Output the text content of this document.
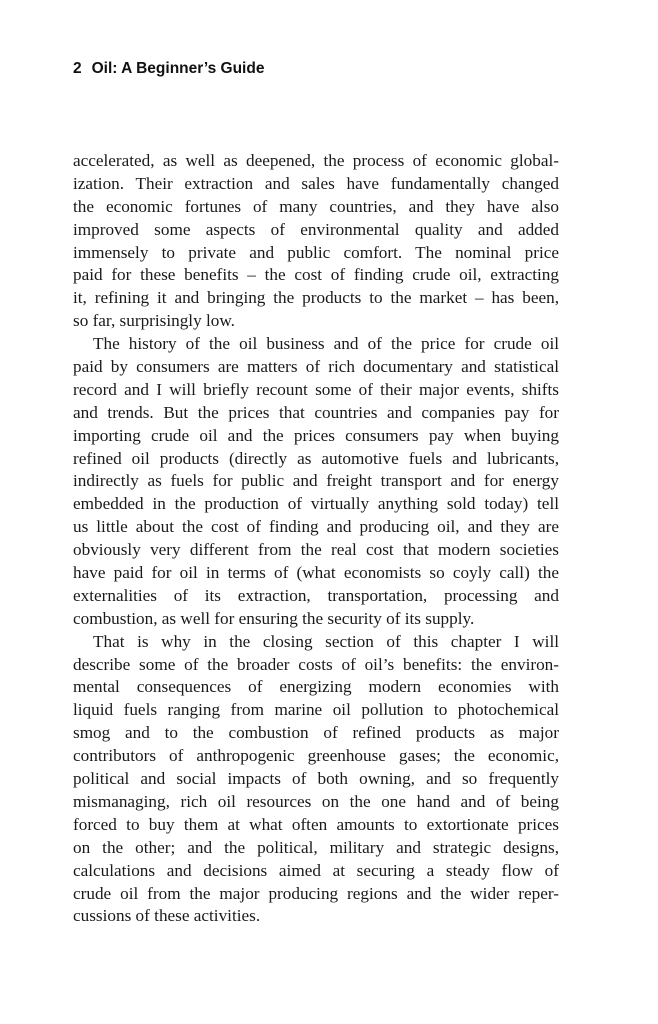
2 Oil: A Beginner’s Guide
accelerated, as well as deepened, the process of economic global-
ization. Their extraction and sales have fundamentally changed
the economic fortunes of many countries, and they have also
improved some aspects of environmental quality and added
immensely to private and public comfort. The nominal price
paid for these benefits – the cost of finding crude oil, extracting
it, refining it and bringing the products to the market – has been,
so far, surprisingly low.
The history of the oil business and of the price for crude oil
paid by consumers are matters of rich documentary and statistical
record and I will briefly recount some of their major events, shifts
and trends. But the prices that countries and companies pay for
importing crude oil and the prices consumers pay when buying
refined oil products (directly as automotive fuels and lubricants,
indirectly as fuels for public and freight transport and for energy
embedded in the production of virtually anything sold today) tell
us little about the cost of finding and producing oil, and they are
obviously very different from the real cost that modern societies
have paid for oil in terms of (what economists so coyly call) the
externalities of its extraction, transportation, processing and
combustion, as well for ensuring the security of its supply.
That is why in the closing section of this chapter I will
describe some of the broader costs of oil’s benefits: the environ-
mental consequences of energizing modern economies with
liquid fuels ranging from marine oil pollution to photochemical
smog and to the combustion of refined products as major
contributors of anthropogenic greenhouse gases; the economic,
political and social impacts of both owning, and so frequently
mismanaging, rich oil resources on the one hand and of being
forced to buy them at what often amounts to extortionate prices
on the other; and the political, military and strategic designs,
calculations and decisions aimed at securing a steady flow of
crude oil from the major producing regions and the wider reper-
cussions of these activities.
